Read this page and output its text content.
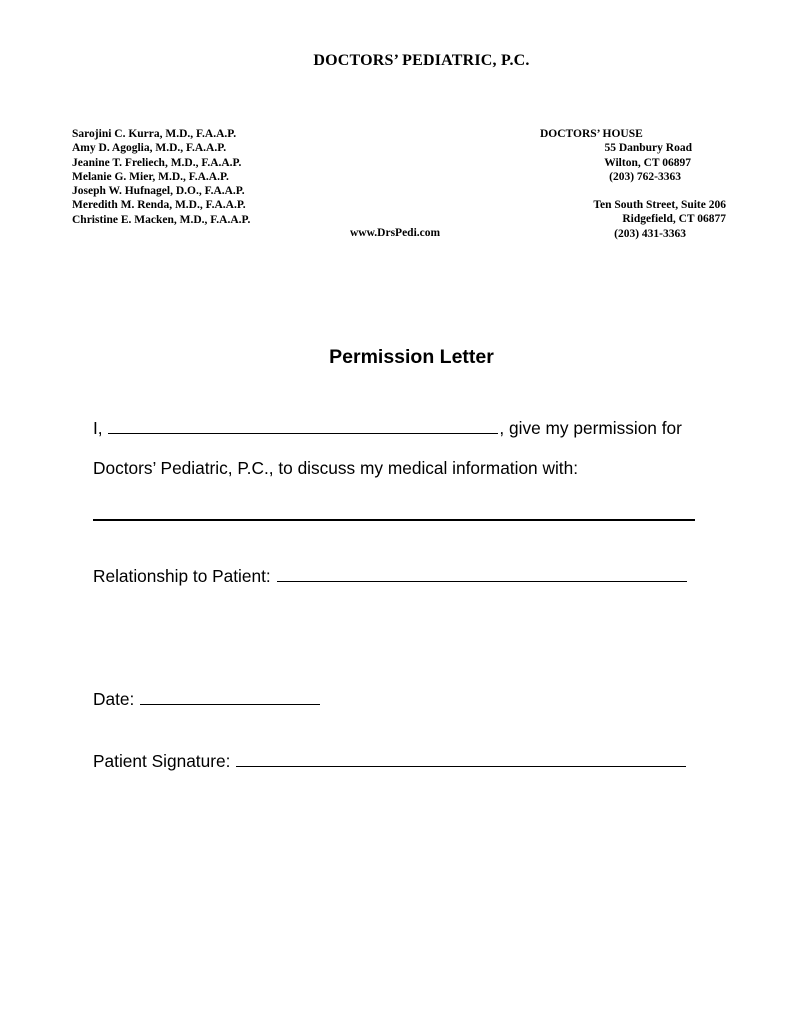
DOCTORS’ PEDIATRIC, P.C.
Sarojini C. Kurra, M.D., F.A.A.P.
Amy D. Agoglia, M.D., F.A.A.P.
Jeanine T. Freliech, M.D., F.A.A.P.
Melanie G. Mier, M.D., F.A.A.P.
Joseph W. Hufnagel, D.O., F.A.A.P.
Meredith M. Renda, M.D., F.A.A.P.
Christine E. Macken, M.D., F.A.A.P.
www.DrsPedi.com
DOCTORS’ HOUSE
55 Danbury Road
Wilton, CT 06897
(203) 762-3363
Ten South Street, Suite 206
Ridgefield, CT 06877
(203) 431-3363
Permission Letter
I,	, give my permission for
Doctors’ Pediatric, P.C., to discuss my medical information with:
Relationship to Patient:
Date:
Patient Signature:
